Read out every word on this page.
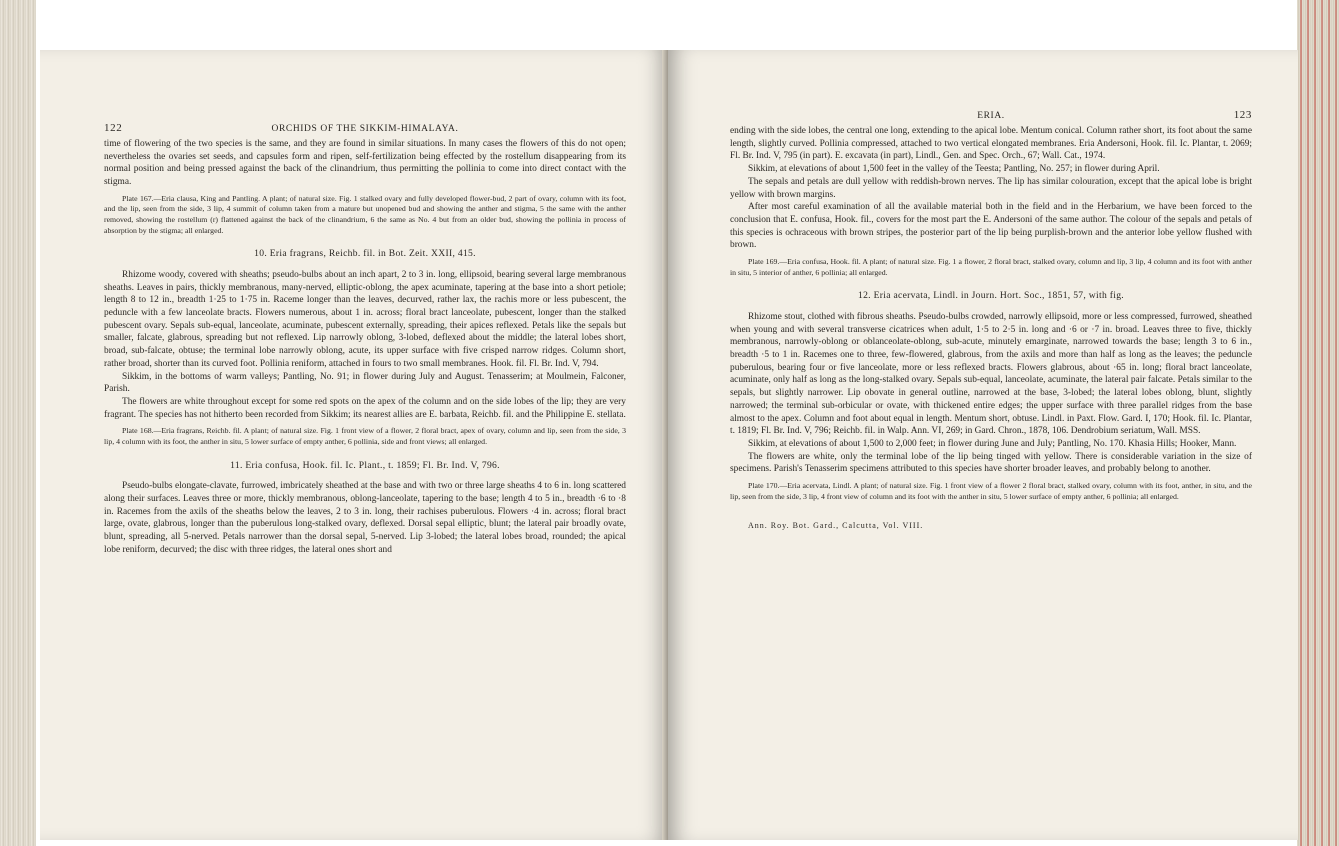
122	ORCHIDS OF THE SIKKIM-HIMALAYA.

time of flowering of the two species is the same, and they are found in similar situations. In many cases the flowers of this do not open; nevertheless the ovaries set seeds, and capsules form and ripen, self-fertilization being effected by the rostellum disappearing from its normal position and being pressed against the back of the clinandrium, thus permitting the pollinia to come into direct contact with the stigma.

Plate 167.—Eria clausa, King and Pantling. A plant; of natural size. Fig. 1 stalked ovary and fully developed flower-bud, 2 part of ovary, column with its foot, and the lip, seen from the side, 3 lip, 4 summit of column taken from a mature but unopened bud and showing the anther and stigma, 5 the same with the anther removed, showing the rostellum (r) flattened against the back of the clinandrium, 6 the same as No. 4 but from an older bud, showing the pollinia in process of absorption by the stigma; all enlarged.

10. Eria fragrans, Reichb. fil. in Bot. Zeit. XXII, 415.

Rhizome woody, covered with sheaths; pseudo-bulbs about an inch apart, 2 to 3 in. long, ellipsoid, bearing several large membranous sheaths. Leaves in pairs, thickly membranous, many-nerved, elliptic-oblong, the apex acuminate, tapering at the base into a short petiole; length 8 to 12 in., breadth 1·25 to 1·75 in. Raceme longer than the leaves, decurved, rather lax, the rachis more or less pubescent, the peduncle with a few lanceolate bracts. Flowers numerous, about 1 in. across; floral bract lanceolate, pubescent, longer than the stalked pubescent ovary. Sepals sub-equal, lanceolate, acuminate, pubescent externally, spreading, their apices reflexed. Petals like the sepals but smaller, falcate, glabrous, spreading but not reflexed. Lip narrowly oblong, 3-lobed, deflexed about the middle; the lateral lobes short, broad, sub-falcate, obtuse; the terminal lobe narrowly oblong, acute, its upper surface with five crisped narrow ridges. Column short, rather broad, shorter than its curved foot. Pollinia reniform, attached in fours to two small membranes. Hook. fil. Fl. Br. Ind. V, 794.

Sikkim, in the bottoms of warm valleys; Pantling, No. 91; in flower during July and August. Tenasserim; at Moulmein, Falconer, Parish.

The flowers are white throughout except for some red spots on the apex of the column and on the side lobes of the lip; they are very fragrant. The species has not hitherto been recorded from Sikkim; its nearest allies are E. barbata, Reichb. fil. and the Philippine E. stellata.

Plate 168.—Eria fragrans, Reichb. fil. A plant; of natural size. Fig. 1 front view of a flower, 2 floral bract, apex of ovary, column and lip, seen from the side, 3 lip, 4 column with its foot, the anther in situ, 5 lower surface of empty anther, 6 pollinia, side and front views; all enlarged.

11. Eria confusa, Hook. fil. Ic. Plant., t. 1859; Fl. Br. Ind. V, 796.

Pseudo-bulbs elongate-clavate, furrowed, imbricately sheathed at the base and with two or three large sheaths 4 to 6 in. long scattered along their surfaces. Leaves three or more, thickly membranous, oblong-lanceolate, tapering to the base; length 4 to 5 in., breadth ·6 to ·8 in. Racemes from the axils of the sheaths below the leaves, 2 to 3 in. long, their rachises puberulous. Flowers ·4 in. across; floral bract large, ovate, glabrous, longer than the puberulous long-stalked ovary, deflexed. Dorsal sepal elliptic, blunt; the lateral pair broadly ovate, blunt, spreading, all 5-nerved. Petals narrower than the dorsal sepal, 5-nerved. Lip 3-lobed; the lateral lobes broad, rounded; the apical lobe reniform, decurved; the disc with three ridges, the lateral ones short and

ERIA.	123

ending with the side lobes, the central one long, extending to the apical lobe. Mentum conical. Column rather short, its foot about the same length, slightly curved. Pollinia compressed, attached to two vertical elongated membranes. Eria Andersoni, Hook. fil. Ic. Plantar, t. 2069; Fl. Br. Ind. V, 795 (in part). E. excavata (in part), Lindl., Gen. and Spec. Orch., 67; Wall. Cat., 1974.

Sikkim, at elevations of about 1,500 feet in the valley of the Teesta; Pantling, No. 257; in flower during April.

The sepals and petals are dull yellow with reddish-brown nerves. The lip has similar colouration, except that the apical lobe is bright yellow with brown margins.

After most careful examination of all the available material both in the field and in the Herbarium, we have been forced to the conclusion that E. confusa, Hook. fil., covers for the most part the E. Andersoni of the same author. The colour of the sepals and petals of this species is ochraceous with brown stripes, the posterior part of the lip being purplish-brown and the anterior lobe yellow flushed with brown.

Plate 169.—Eria confusa, Hook. fil. A plant; of natural size. Fig. 1 a flower, 2 floral bract, stalked ovary, column and lip, 3 lip, 4 column and its foot with anther in situ, 5 interior of anther, 6 pollinia; all enlarged.

12. Eria acervata, Lindl. in Journ. Hort. Soc., 1851, 57, with fig.

Rhizome stout, clothed with fibrous sheaths. Pseudo-bulbs crowded, narrowly ellipsoid, more or less compressed, furrowed, sheathed when young and with several transverse cicatrices when adult, 1·5 to 2·5 in. long and ·6 or ·7 in. broad. Leaves three to five, thickly membranous, narrowly-oblong or oblanceolate-oblong, sub-acute, minutely emarginate, narrowed towards the base; length 3 to 6 in., breadth ·5 to 1 in. Racemes one to three, few-flowered, glabrous, from the axils and more than half as long as the leaves; the peduncle puberulous, bearing four or five lanceolate, more or less reflexed bracts. Flowers glabrous, about ·65 in. long; floral bract lanceolate, acuminate, only half as long as the long-stalked ovary. Sepals sub-equal, lanceolate, acuminate, the lateral pair falcate. Petals similar to the sepals, but slightly narrower. Lip obovate in general outline, narrowed at the base, 3-lobed; the lateral lobes oblong, blunt, slightly narrowed; the terminal sub-orbicular or ovate, with thickened entire edges; the upper surface with three parallel ridges from the base almost to the apex. Column and foot about equal in length. Mentum short, obtuse. Lindl. in Paxt. Flow. Gard. I, 170; Hook. fil. Ic. Plantar, t. 1819; Fl. Br. Ind. V, 796; Reichb. fil. in Walp. Ann. VI, 269; in Gard. Chron., 1878, 106. Dendrobium seriatum, Wall. MSS.

Sikkim, at elevations of about 1,500 to 2,000 feet; in flower during June and July; Pantling, No. 170. Khasia Hills; Hooker, Mann.

The flowers are white, only the terminal lobe of the lip being tinged with yellow. There is considerable variation in the size of specimens. Parish's Tenasserim specimens attributed to this species have shorter broader leaves, and probably belong to another.

Plate 170.—Eria acervata, Lindl. A plant; of natural size. Fig. 1 front view of a flower 2 floral bract, stalked ovary, column with its foot, anther, in situ, and the lip, seen from the side, 3 lip, 4 front view of column and its foot with the anther in situ, 5 lower surface of empty anther, 6 pollinia; all enlarged.

Ann. Roy. Bot. Gard., Calcutta, Vol. VIII.
